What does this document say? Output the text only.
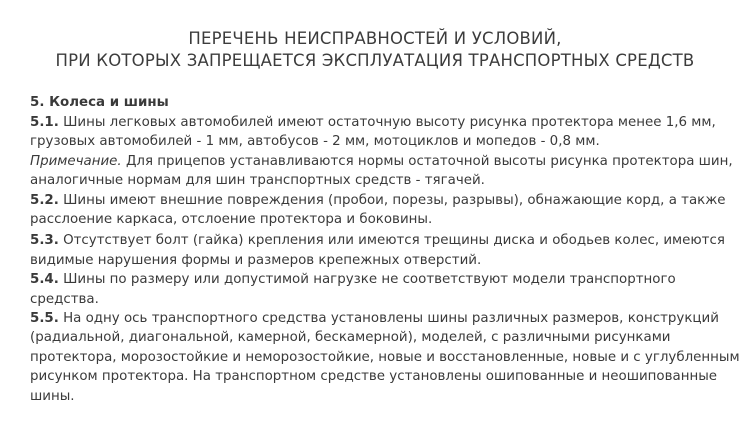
ПЕРЕЧЕНЬ НЕИСПРАВНОСТЕЙ И УСЛОВИЙ,
ПРИ КОТОРЫХ ЗАПРЕЩАЕТСЯ ЭКСПЛУАТАЦИЯ ТРАНСПОРТНЫХ СРЕДСТВ

5. Колеса и шины

5.1. Шины легковых автомобилей имеют остаточную высоту рисунка протектора менее 1,6 мм, грузовых автомобилей - 1 мм, автобусов - 2 мм, мотоциклов и мопедов - 0,8 мм.

Примечание. Для прицепов устанавливаются нормы остаточной высоты рисунка протектора шин, аналогичные нормам для шин транспортных средств - тягачей.

5.2. Шины имеют внешние повреждения (пробои, порезы, разрывы), обнажающие корд, а также расслоение каркаса, отслоение протектора и боковины.

5.3. Отсутствует болт (гайка) крепления или имеются трещины диска и ободьев колес, имеются видимые нарушения формы и размеров крепежных отверстий.

5.4. Шины по размеру или допустимой нагрузке не соответствуют модели транспортного средства.

5.5. На одну ось транспортного средства установлены шины различных размеров, конструкций (радиальной, диагональной, камерной, бескамерной), моделей, с различными рисунками протектора, морозостойкие и неморозостойкие, новые и восстановленные, новые и с углубленным рисунком протектора. На транспортном средстве установлены ошипованные и неошипованные шины.
